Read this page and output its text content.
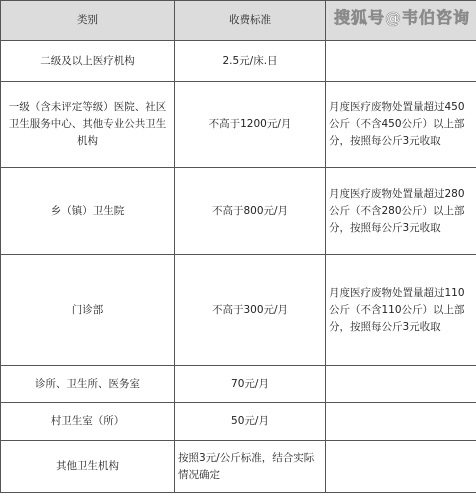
类别	收费标准	
二级及以上医疗机构	2.5元/床.日	
一级（含未评定等级）医院、社区卫生服务中心、其他专业公共卫生机构	不高于1200元/月	月度医疗废物处置量超过450公斤（不含450公斤）以上部分，按照每公斤3元收取
乡（镇）卫生院	不高于800元/月	月度医疗废物处置量超过280公斤（不含280公斤）以上部分，按照每公斤3元收取
门诊部	不高于300元/月	月度医疗废物处置量超过110公斤（不含110公斤）以上部分，按照每公斤3元收取
诊所、卫生所、医务室	70元/月	
村卫生室（所）	50元/月	
其他卫生机构	按照3元/公斤标准，结合实际情况确定	
搜狐号@韦伯咨询
